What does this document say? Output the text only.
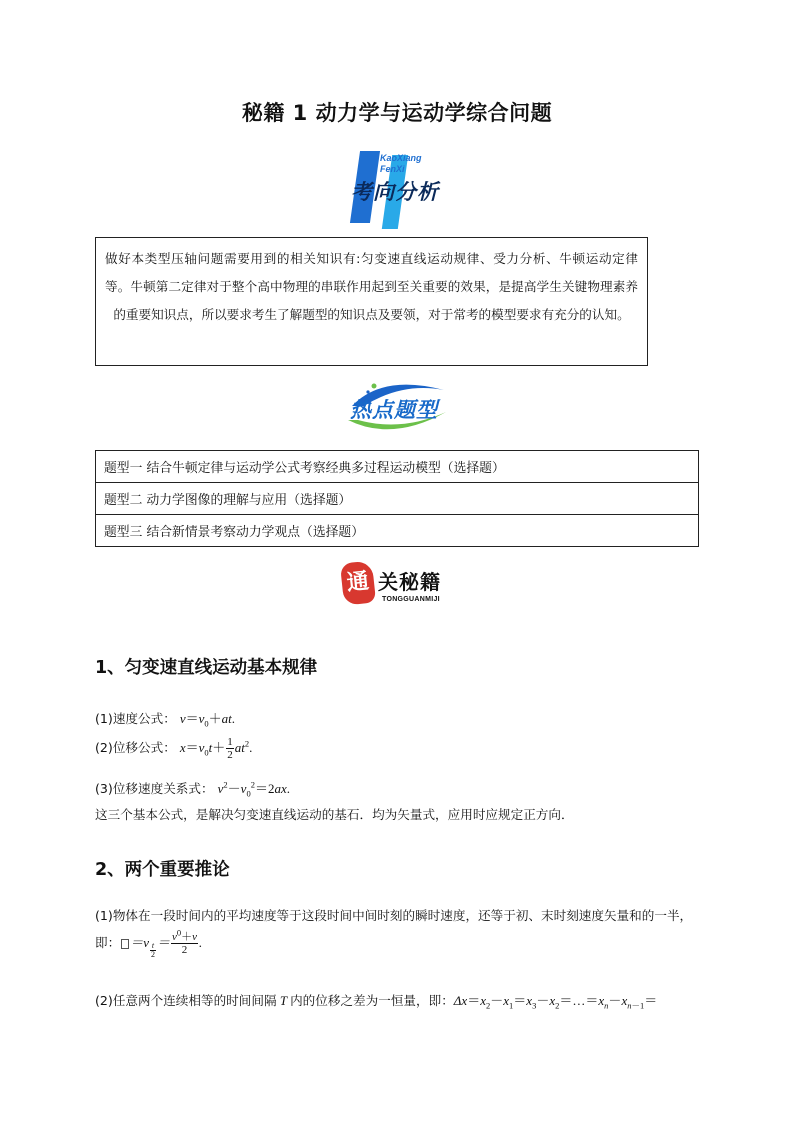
秘籍 1 动力学与运动学综合问题
KaoXiang
FenXi
考向分析
做好本类型压轴问题需要用到的相关知识有:匀变速直线运动规律、受力分析、牛顿运动定律等。牛顿第二定律对于整个高中物理的串联作用起到至关重要的效果，是提高学生关键物理素养的重要知识点，所以要求考生了解题型的知识点及要领，对于常考的模型要求有充分的认知。
热点题型
题型一 结合牛顿定律与运动学公式考察经典多过程运动模型（选择题）
题型二 动力学图像的理解与应用（选择题）
题型三 结合新情景考察动力学观点（选择题）
通 关秘籍
TONGGUANMIJI
1、匀变速直线运动基本规律
(1)速度公式： $v=v_0+at$.
(2)位移公式： $x=v_0t+ \frac{1}{2} at^2$.
(3)位移速度关系式： $v^2-v_0^2=2ax$.
这三个基本公式，是解决匀变速直线运动的基石．均为矢量式，应用时应规定正方向．
2、两个重要推论
(1)物体在一段时间内的平均速度等于这段时间中间时刻的瞬时速度，还等于初、末时刻速度矢量和的一半，即： $=v \frac{t}{2} = \frac{v^0+v}{2}$ .
(2)任意两个连续相等的时间间隔 T 内的位移之差为一恒量，即：$\Delta x=x_2-x_1=x_3-x_2=\dots=x_n-x_{n-1}=$
